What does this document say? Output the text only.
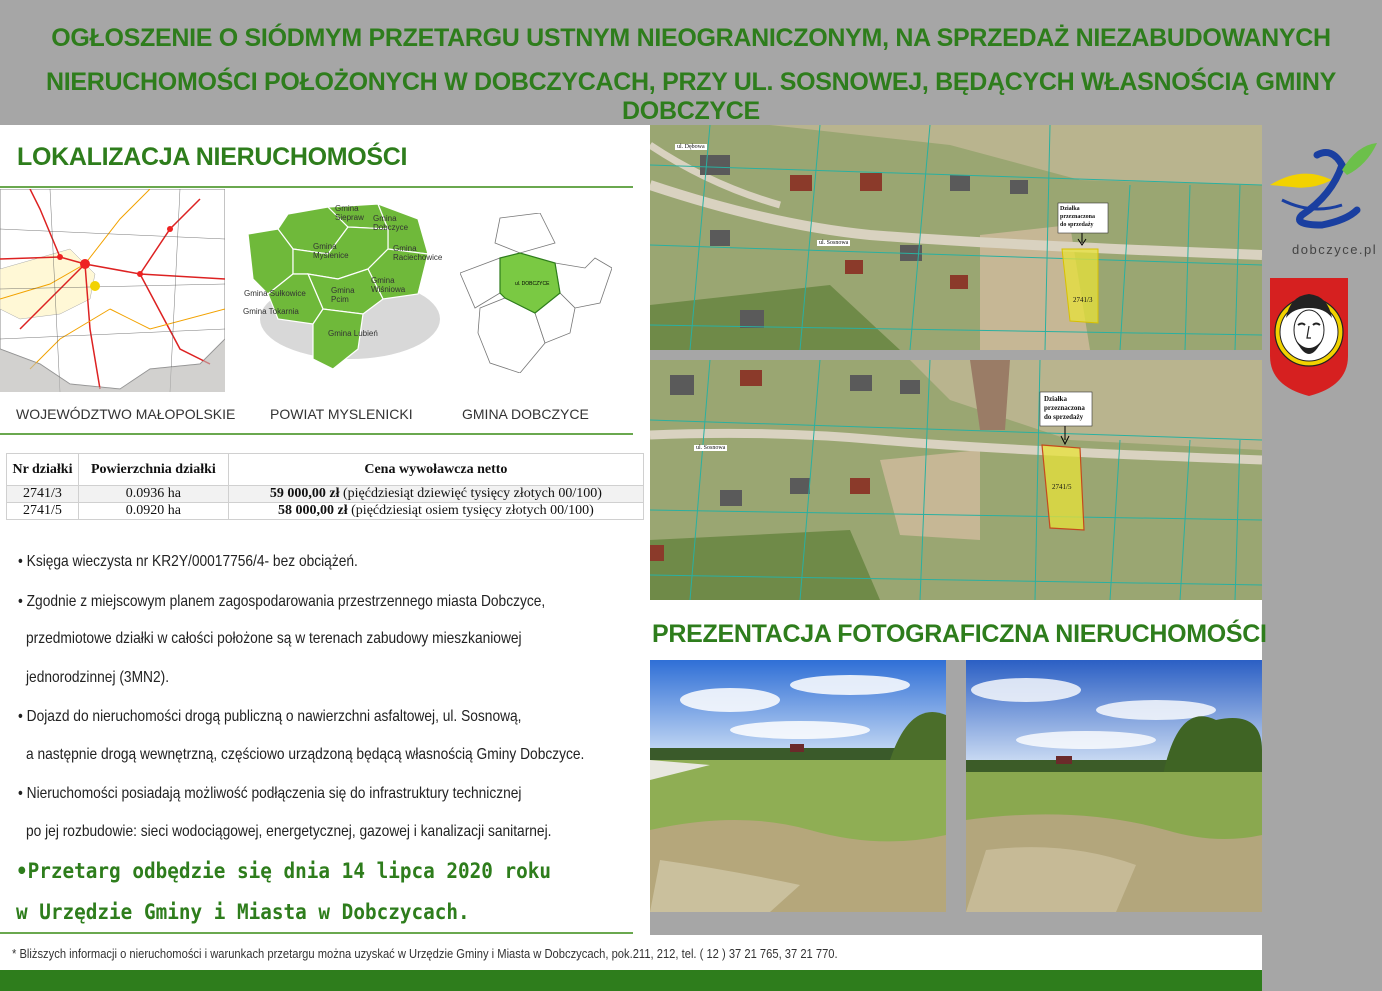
OGŁOSZENIE O SIÓDMYM PRZETARGU USTNYM NIEOGRANICZONYM, NA SPRZEDAŻ NIEZABUDOWANYCH
NIERUCHOMOŚCI POŁOŻONYCH W DOBCZYCACH, PRZY UL. SOSNOWEJ, BĘDĄCYCH WŁASNOŚCIĄ GMINY DOBCZYCE
LOKALIZACJA NIERUCHOMOŚCI
Gmina Sułkowice
Gmina Siepraw	Gmina Dobczyce
Gmina Raciechowice
Gmina Myślenice
Gmina Wiśniowa
Gmina Pcim
Gmina Tokarnia
Gmina Lubień
ul. DOBCZYCE
WOJEWÓDZTWO MAŁOPOLSKIE POWIAT MYSLENICKI	GMINA DOBCZYCE
Nr działki	Powierzchnia działki	Cena wywoławcza netto
2741/3	0.0936 ha	59 000,00 zł (pięćdziesiąt dziewięć tysięcy złotych 00/100)
2741/5	0.0920 ha	58 000,00 zł (pięćdziesiąt osiem tysięcy złotych 00/100)
• Księga wieczysta nr KR2Y/00017756/4- bez obciążeń.
• Zgodnie z miejscowym planem zagospodarowania przestrzennego miasta Dobczyce,
przedmiotowe działki w całości położone są w terenach zabudowy mieszkaniowej
jednorodzinnej (3MN2).
• Dojazd do nieruchomości drogą publiczną o nawierzchni asfaltowej, ul. Sosnową,
a następnie drogą wewnętrzną, częściowo urządzoną będącą własnością Gminy Dobczyce.
• Nieruchomości posiadają możliwość podłączenia się do infrastruktury technicznej
po jej rozbudowie: sieci wodociągowej, energetycznej, gazowej i kanalizacji sanitarnej.
•Przetarg odbędzie się dnia 14 lipca 2020 roku
w Urzędzie Gminy i Miasta w Dobczycach.
ul. Dębowa
ul. Sosnowa
Działka
przeznaczona
do sprzedaży
2741/3
ul. Sosnowa
Działka
przeznaczona
do sprzedaży
2741/5
PREZENTACJA FOTOGRAFICZNA NIERUCHOMOŚCI
* Bliższych informacji o nieruchomości i warunkach przetargu można uzyskać w Urzędzie Gminy i Miasta w Dobczycach, pok.211, 212, tel. ( 12 ) 37 21 765, 37 21 770.
dobczyce.pl
